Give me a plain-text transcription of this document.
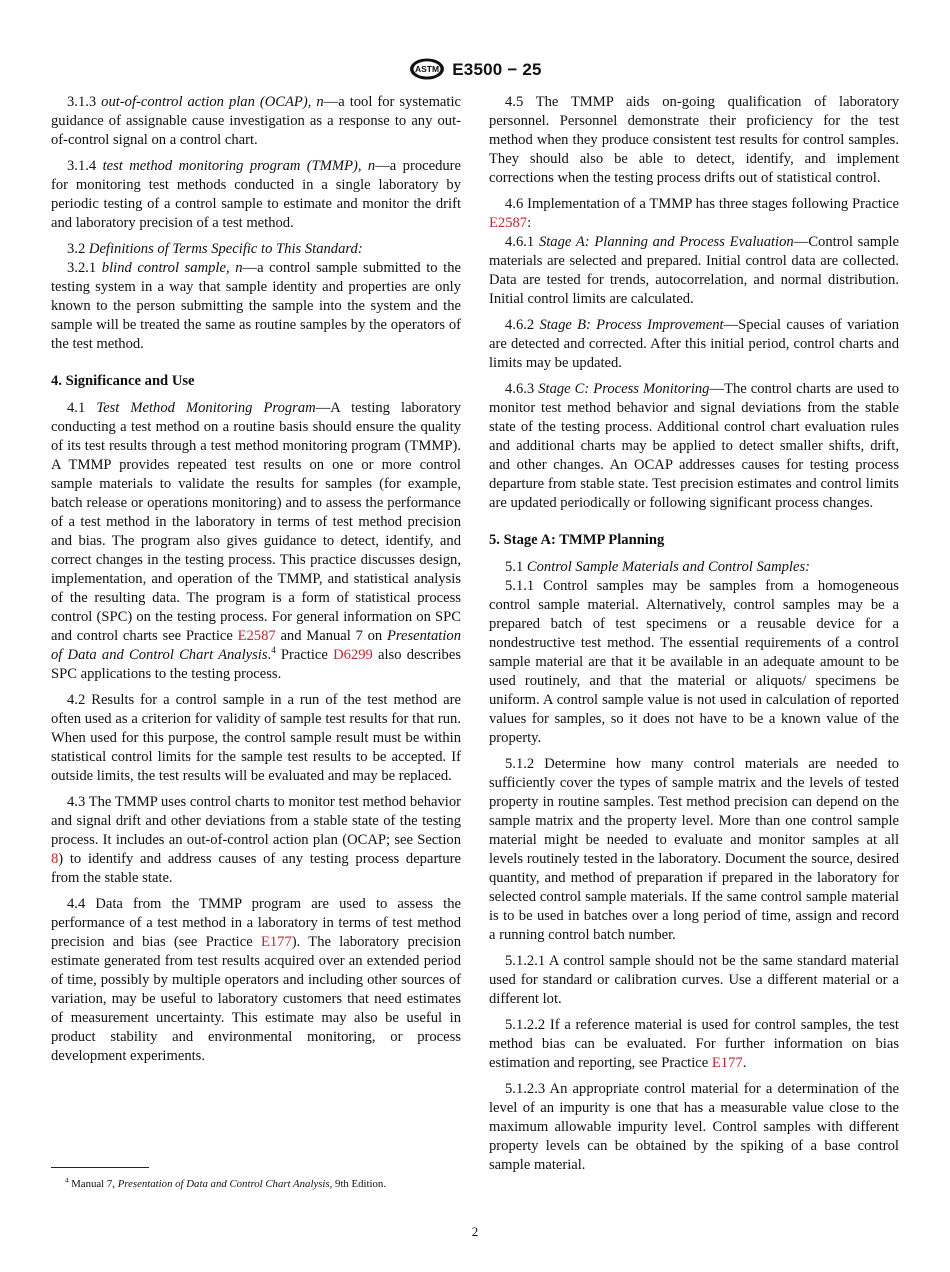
ASTM E3500 − 25

3.1.3 out-of-control action plan (OCAP), n—a tool for systematic guidance of assignable cause investigation as a response to any out-of-control signal on a control chart.

3.1.4 test method monitoring program (TMMP), n—a procedure for monitoring test methods conducted in a single laboratory by periodic testing of a control sample to estimate and monitor the drift and laboratory precision of a test method.

3.2 Definitions of Terms Specific to This Standard:

3.2.1 blind control sample, n—a control sample submitted to the testing system in a way that sample identity and properties are only known to the person submitting the sample into the system and the sample will be treated the same as routine samples by the operators of the test method.

4. Significance and Use

4.1 Test Method Monitoring Program—A testing laboratory conducting a test method on a routine basis should ensure the quality of its test results through a test method monitoring program (TMMP). A TMMP provides repeated test results on one or more control sample materials to validate the results for samples (for example, batch release or operations monitoring) and to assess the performance of a test method in the laboratory in terms of test method precision and bias. The program also gives guidance to detect, identify, and correct changes in the testing process. This practice discusses design, implementation, and operation of the TMMP, and statistical analysis of the resulting data. The program is a form of statistical process control (SPC) on the testing process. For general information on SPC and control charts see Practice E2587 and Manual 7 on Presentation of Data and Control Chart Analysis.$^4$ Practice D6299 also describes SPC applications to the testing process.

4.2 Results for a control sample in a run of the test method are often used as a criterion for validity of sample test results for that run. When used for this purpose, the control sample result must be within statistical control limits for the sample test results to be accepted. If outside limits, the test results will be evaluated and may be replaced.

4.3 The TMMP uses control charts to monitor test method behavior and signal drift and other deviations from a stable state of the testing process. It includes an out-of-control action plan (OCAP; see Section 8) to identify and address causes of any testing process departure from the stable state.

4.4 Data from the TMMP program are used to assess the performance of a test method in a laboratory in terms of test method precision and bias (see Practice E177). The laboratory precision estimate generated from test results acquired over an extended period of time, possibly by multiple operators and including other sources of variation, may be useful to laboratory customers that need estimates of measurement uncertainty. This estimate may also be useful in product stability and environmental monitoring, or process development experiments.

$^4$ Manual 7, Presentation of Data and Control Chart Analysis, 9th Edition.

4.5 The TMMP aids on-going qualification of laboratory personnel. Personnel demonstrate their proficiency for the test method when they produce consistent test results for control samples. They should also be able to detect, identify, and implement corrections when the testing process drifts out of statistical control.

4.6 Implementation of a TMMP has three stages following Practice E2587:

4.6.1 Stage A: Planning and Process Evaluation—Control sample materials are selected and prepared. Initial control data are collected. Data are tested for trends, autocorrelation, and normal distribution. Initial control limits are calculated.

4.6.2 Stage B: Process Improvement—Special causes of variation are detected and corrected. After this initial period, control charts and limits may be updated.

4.6.3 Stage C: Process Monitoring—The control charts are used to monitor test method behavior and signal deviations from the stable state of the testing process. Additional control chart evaluation rules and additional charts may be applied to detect smaller shifts, drift, and other changes. An OCAP addresses causes for testing process departure from stable state. Test precision estimates and control limits are updated periodically or following significant process changes.

5. Stage A: TMMP Planning

5.1 Control Sample Materials and Control Samples:

5.1.1 Control samples may be samples from a homogeneous control sample material. Alternatively, control samples may be a prepared batch of test specimens or a reusable device for a nondestructive test method. The essential requirements of a control sample material are that it be available in an adequate amount to be used routinely, and that the material or aliquots/ specimens be uniform. A control sample value is not used in calculation of reported values for samples, so it does not have to be a known value of the property.

5.1.2 Determine how many control materials are needed to sufficiently cover the types of sample matrix and the levels of tested property in routine samples. Test method precision can depend on the sample matrix and the property level. More than one control sample material might be needed to evaluate and monitor samples at all levels routinely tested in the laboratory. Document the source, desired quantity, and method of preparation if prepared in the laboratory for selected control sample materials. If the same control sample material is to be used in batches over a long period of time, assign and record a running control batch number.

5.1.2.1 A control sample should not be the same standard material used for standard or calibration curves. Use a different material or a different lot.

5.1.2.2 If a reference material is used for control samples, the test method bias can be evaluated. For further information on bias estimation and reporting, see Practice E177.

5.1.2.3 An appropriate control material for a determination of the level of an impurity is one that has a measurable value close to the maximum allowable impurity level. Control samples with different property levels can be obtained by the spiking of a base control sample material.

2
